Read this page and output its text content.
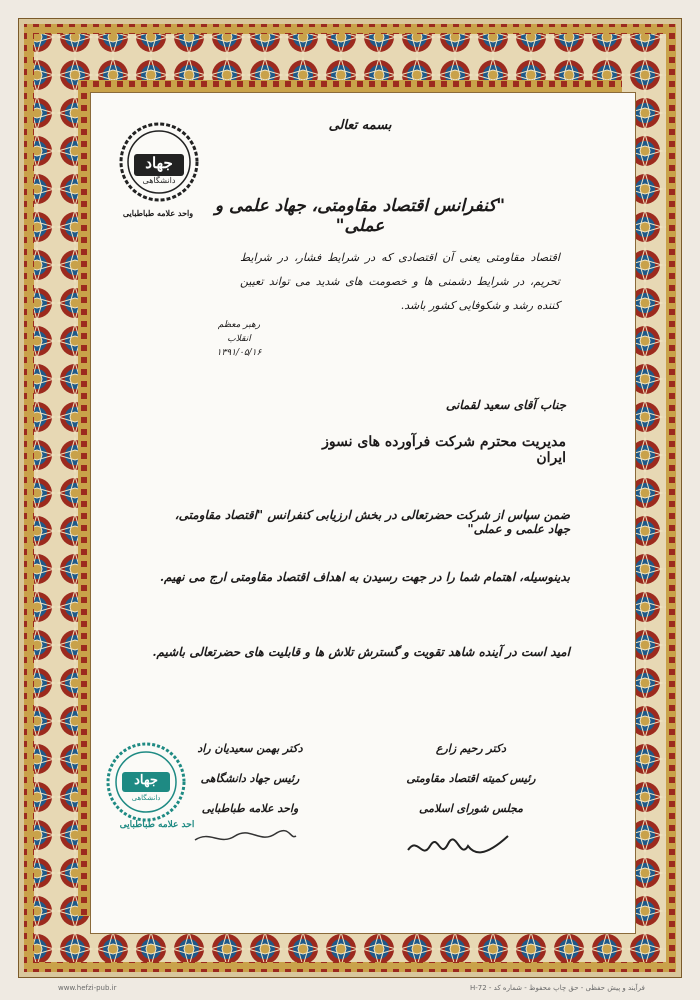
جهاد
دانشگاهی
واحد علامه طباطبایی
بسمه تعالی
"کنفرانس اقتصاد مقاومتی، جهاد علمی و عملی"
اقتصاد مقاومتی یعنی آن اقتصادی که در شرایط فشار، در شرایط تحریم، در شرایط دشمنی ها و خصومت های شدید می تواند تعیین کننده رشد و شکوفایی کشور باشد.
رهبر معظم انقلاب
۱۳۹۱/۰۵/۱۶
جناب آقای سعید لقمانی
مدیریت محترم شرکت فرآورده های نسوز ایران
ضمن سپاس از شرکت حضرتعالی در بخش ارزیابی کنفرانس "اقتصاد مقاومتی، جهاد علمی و عملی"
بدینوسیله، اهتمام شما را در جهت رسیدن به اهداف اقتصاد مقاومتی ارج می نهیم.
امید است در آینده شاهد تقویت و گسترش تلاش ها و قابلیت های حضرتعالی باشیم.
دکتر بهمن سعیدیان راد
رئیس جهاد دانشگاهی
واحد علامه طباطبایی
دکتر رحیم زارع
رئیس کمیته اقتصاد مقاومتی
مجلس شورای اسلامی
جهاد
دانشگاهی
احد علامه طباطبایی
www.hefzi-pub.ir	فرآیند و پیش حفظی - حق چاپ محفوظ - شماره کد - H-72
